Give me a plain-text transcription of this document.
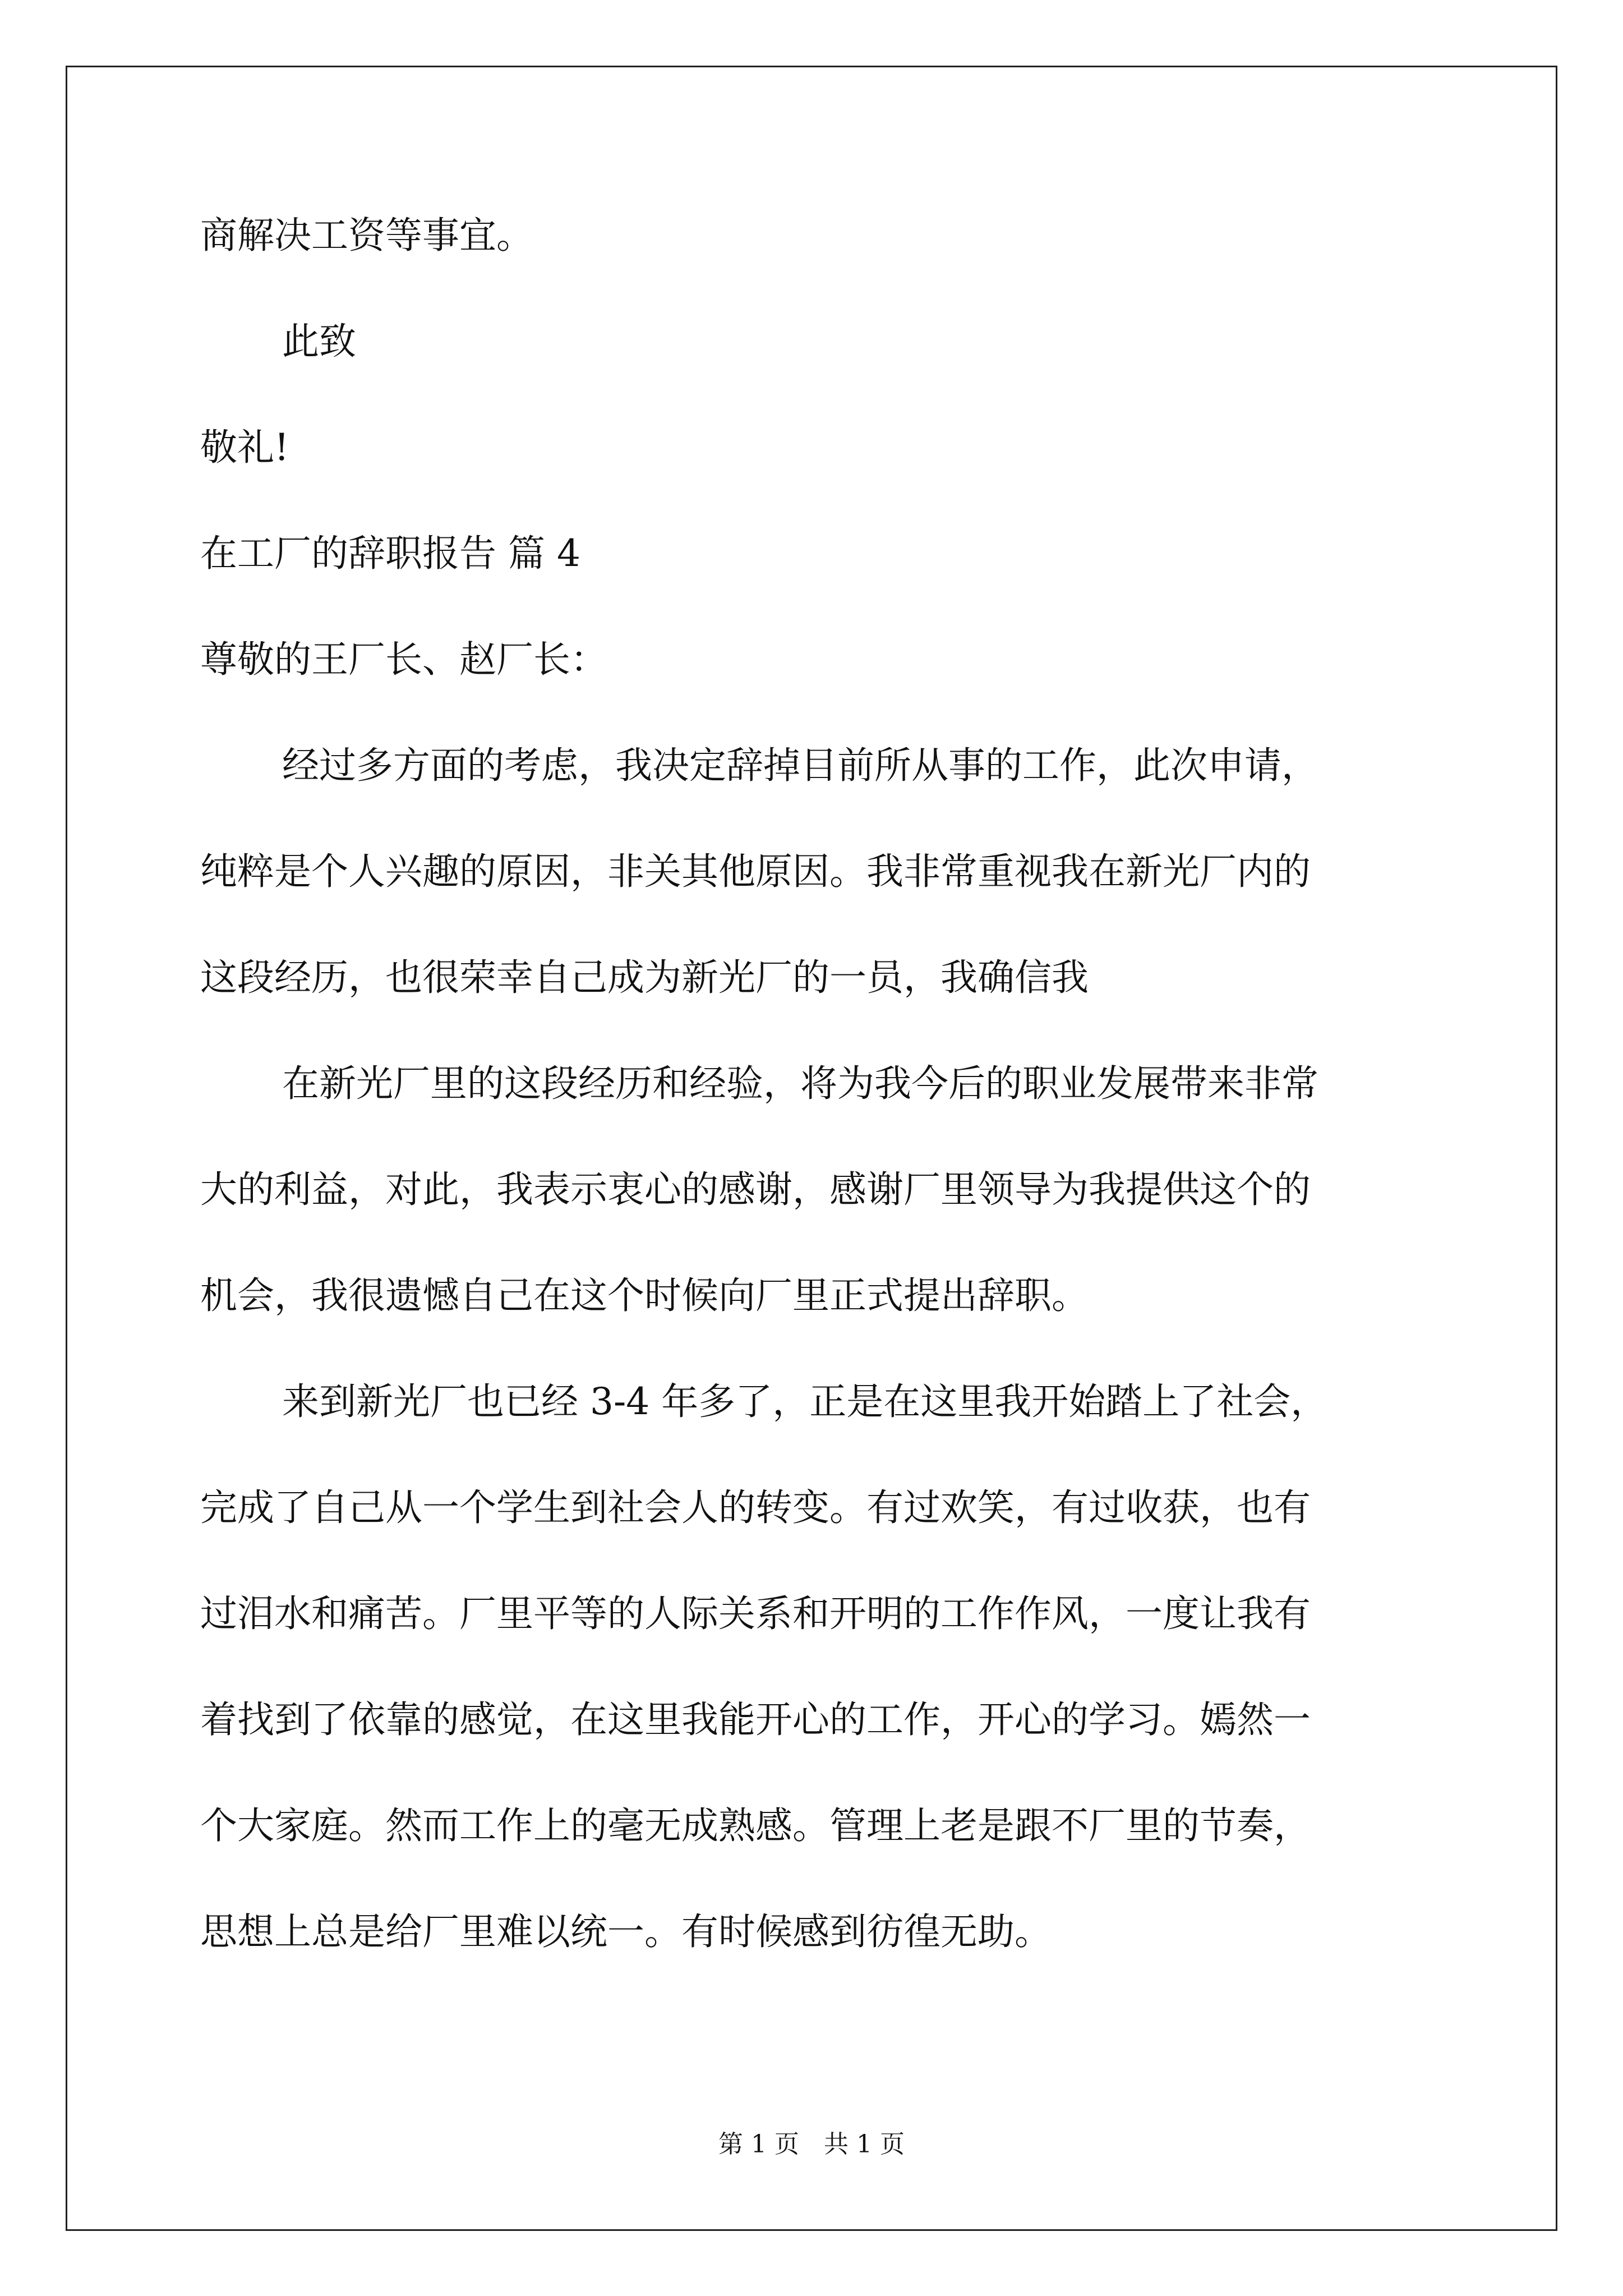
商解决工资等事宜。
此致
敬礼!
在工厂的辞职报告 篇 4
尊敬的王厂长、赵厂长：
经过多方面的考虑，我决定辞掉目前所从事的工作，此次申请，
纯粹是个人兴趣的原因，非关其他原因。我非常重视我在新光厂内的
这段经历，也很荣幸自己成为新光厂的一员，我确信我
在新光厂里的这段经历和经验，将为我今后的职业发展带来非常
大的利益，对此，我表示衷心的感谢，感谢厂里领导为我提供这个的
机会，我很遗憾自己在这个时候向厂里正式提出辞职。
来到新光厂也已经 3-4 年多了，正是在这里我开始踏上了社会，
完成了自己从一个学生到社会人的转变。有过欢笑，有过收获，也有
过泪水和痛苦。厂里平等的人际关系和开明的工作作风，一度让我有
着找到了依靠的感觉，在这里我能开心的工作，开心的学习。嫣然一
个大家庭。然而工作上的毫无成熟感。管理上老是跟不厂里的节奏，
思想上总是给厂里难以统一。有时候感到彷徨无助。
第 1 页　共 1 页
